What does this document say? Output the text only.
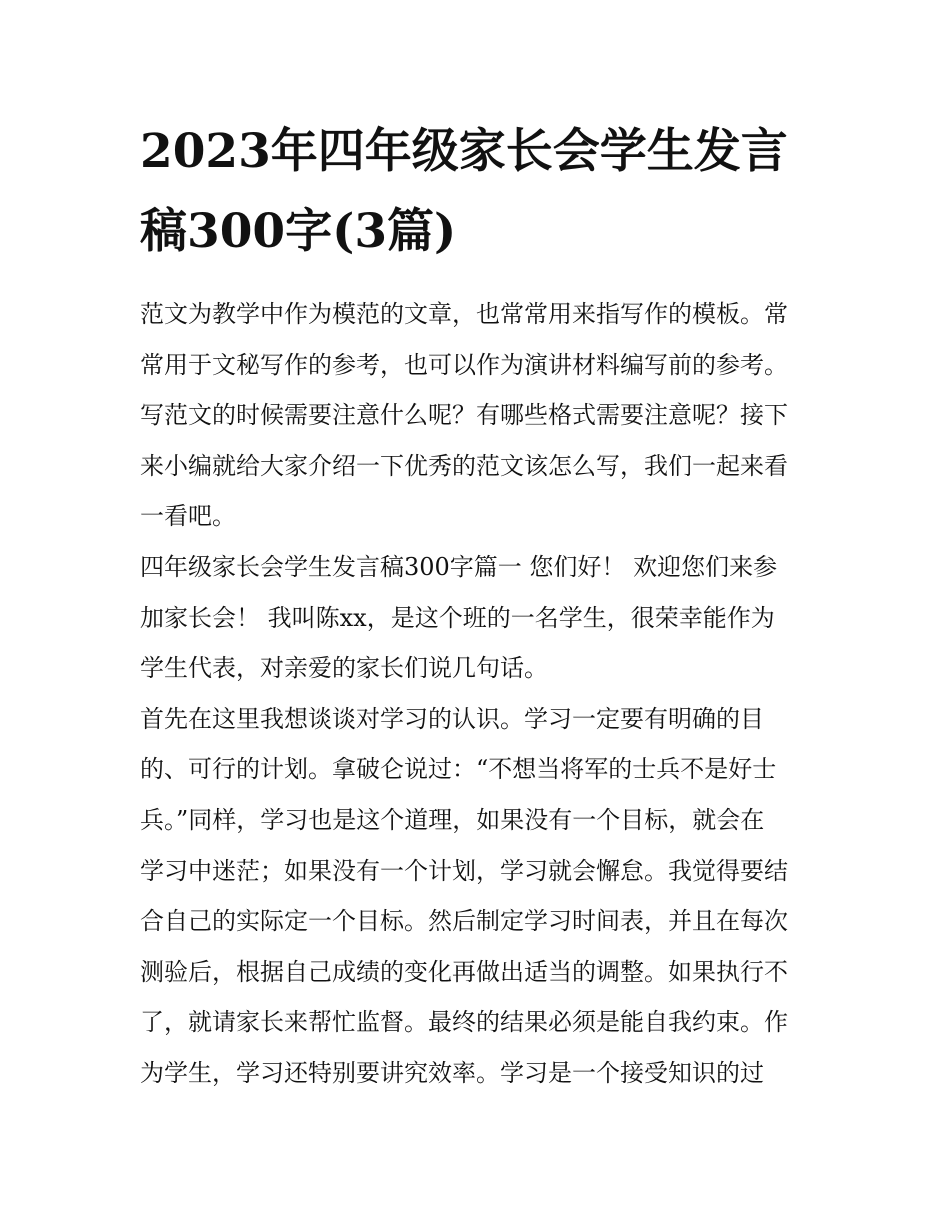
2023年四年级家长会学生发言
稿300字(3篇)

范文为教学中作为模范的文章，也常常用来指写作的模板。常
常用于文秘写作的参考，也可以作为演讲材料编写前的参考。
写范文的时候需要注意什么呢？有哪些格式需要注意呢？接下
来小编就给大家介绍一下优秀的范文该怎么写，我们一起来看
一看吧。

四年级家长会学生发言稿300字篇一 您们好！ 欢迎您们来参
加家长会！ 我叫陈xx，是这个班的一名学生，很荣幸能作为
学生代表，对亲爱的家长们说几句话。

首先在这里我想谈谈对学习的认识。学习一定要有明确的目
的、可行的计划。拿破仑说过：“不想当将军的士兵不是好士
兵。”同样，学习也是这个道理，如果没有一个目标，就会在
学习中迷茫；如果没有一个计划，学习就会懈怠。我觉得要结
合自己的实际定一个目标。然后制定学习时间表，并且在每次
测验后，根据自己成绩的变化再做出适当的调整。如果执行不
了，就请家长来帮忙监督。最终的结果必须是能自我约束。作
为学生，学习还特别要讲究效率。学习是一个接受知识的过
